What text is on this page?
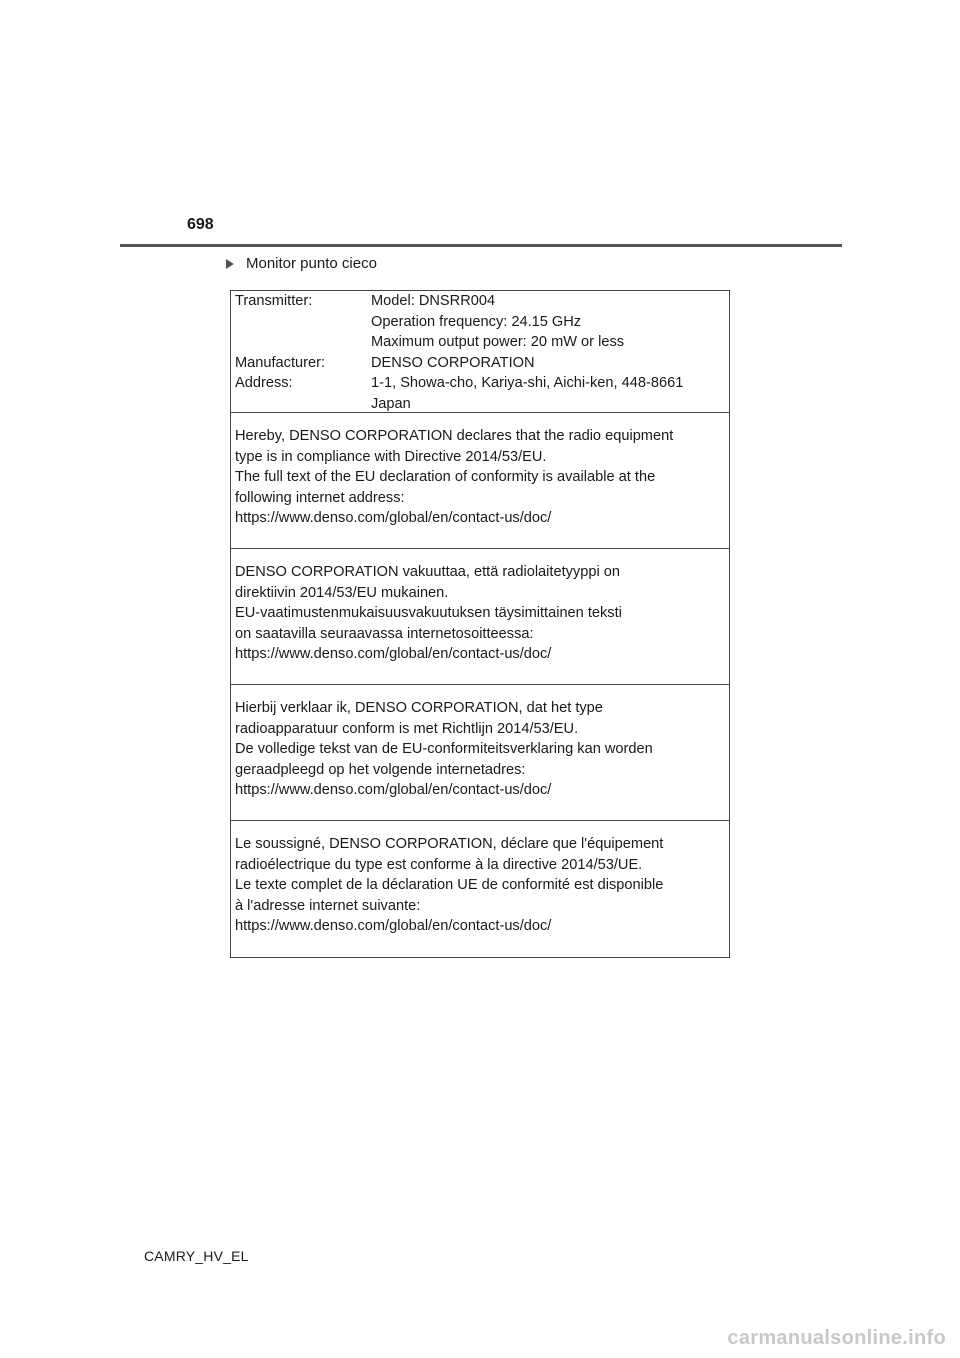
698
Monitor punto cieco
Transmitter:	Model: DNSRR004
Operation frequency: 24.15 GHz
Maximum output power: 20 mW or less
Manufacturer:	DENSO CORPORATION
Address:	1-1, Showa-cho, Kariya-shi, Aichi-ken, 448-8661
Japan
Hereby, DENSO CORPORATION declares that the radio equipment
type is in compliance with Directive 2014/53/EU.
The full text of the EU declaration of conformity is available at the
following internet address:
https://www.denso.com/global/en/contact-us/doc/
DENSO CORPORATION vakuuttaa, että radiolaitetyyppi on
direktiivin 2014/53/EU mukainen.
EU-vaatimustenmukaisuusvakuutuksen täysimittainen teksti
on saatavilla seuraavassa internetosoitteessa:
https://www.denso.com/global/en/contact-us/doc/
Hierbij verklaar ik, DENSO CORPORATION, dat het type
radioapparatuur conform is met Richtlijn 2014/53/EU.
De volledige tekst van de EU-conformiteitsverklaring kan worden
geraadpleegd op het volgende internetadres:
https://www.denso.com/global/en/contact-us/doc/
Le soussigné, DENSO CORPORATION, déclare que l'équipement
radioélectrique du type est conforme à la directive 2014/53/UE.
Le texte complet de la déclaration UE de conformité est disponible
à l'adresse internet suivante:
https://www.denso.com/global/en/contact-us/doc/
CAMRY_HV_EL
carmanualsonline.info
